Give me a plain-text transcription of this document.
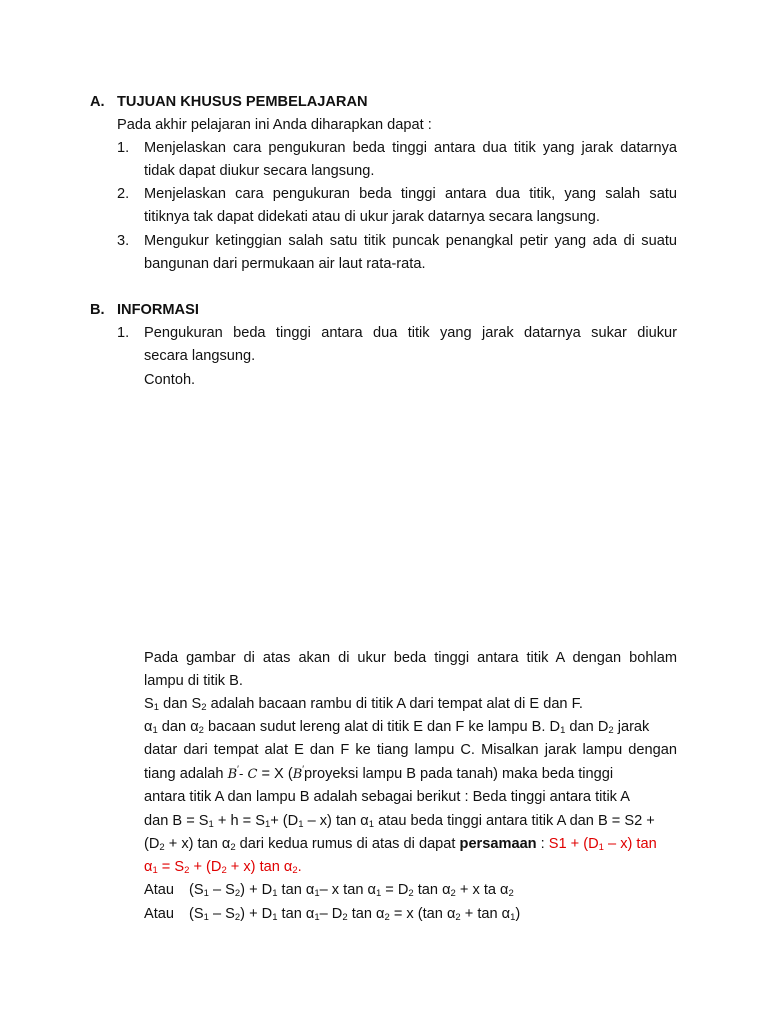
A. TUJUAN KHUSUS PEMBELAJARAN
Pada akhir pelajaran ini Anda diharapkan dapat :
1. Menjelaskan cara pengukuran beda tinggi antara dua titik yang jarak datarnya
tidak dapat diukur secara langsung.
2. Menjelaskan cara pengukuran beda tinggi antara dua titik, yang salah satu
titiknya tak dapat didekati atau di ukur jarak datarnya secara langsung.
3. Mengukur ketinggian salah satu titik puncak penangkal petir yang ada di suatu
bangunan dari permukaan air laut rata-rata.
B. INFORMASI
1. Pengukuran beda tinggi antara dua titik yang jarak datarnya sukar diukur
secara langsung.
Contoh.
Pada gambar di atas akan di ukur beda tinggi antara titik A dengan bohlam
lampu di titik B.
$S_1$ dan $S_2$ adalah bacaan rambu di titik A dari tempat alat di E dan F.
$\alpha_1$ dan $\alpha_2$ bacaan sudut lereng alat di titik E dan F ke lampu B. $D_1$ dan $D_2$ jarak
datar dari tempat alat E dan F ke tiang lampu C. Misalkan jarak lampu dengan
tiang adalah B′- C = X (B′proyeksi lampu B pada tanah) maka beda tinggi
antara titik A dan lampu B adalah sebagai berikut : Beda tinggi antara titik A
dan $B = S_1 + h = S_1+ (D_1 - x)$ $\tan \alpha_1$ atau beda tinggi antara titik A dan B = S2 +
$(D_2 + x)$ $\tan \alpha_2$ dari kedua rumus di atas di dapat persamaan : $S1 + (D_1 - x)$ tan
$\alpha_1 = S_2 + (D_2 + x)$ $\tan \alpha_2$.
Atau $(S_1 - S_2) + D_1$ $\tan \alpha_1-$ x $\tan \alpha_1 = D_2$ $\tan \alpha_2 + x$ ta $\alpha_2$
Atau $(S_1 - S_2) + D_1$ $\tan \alpha_1-$ $D_2$ $\tan \alpha_2 = x$ (tan $\alpha_2 + \tan \alpha_1$)
